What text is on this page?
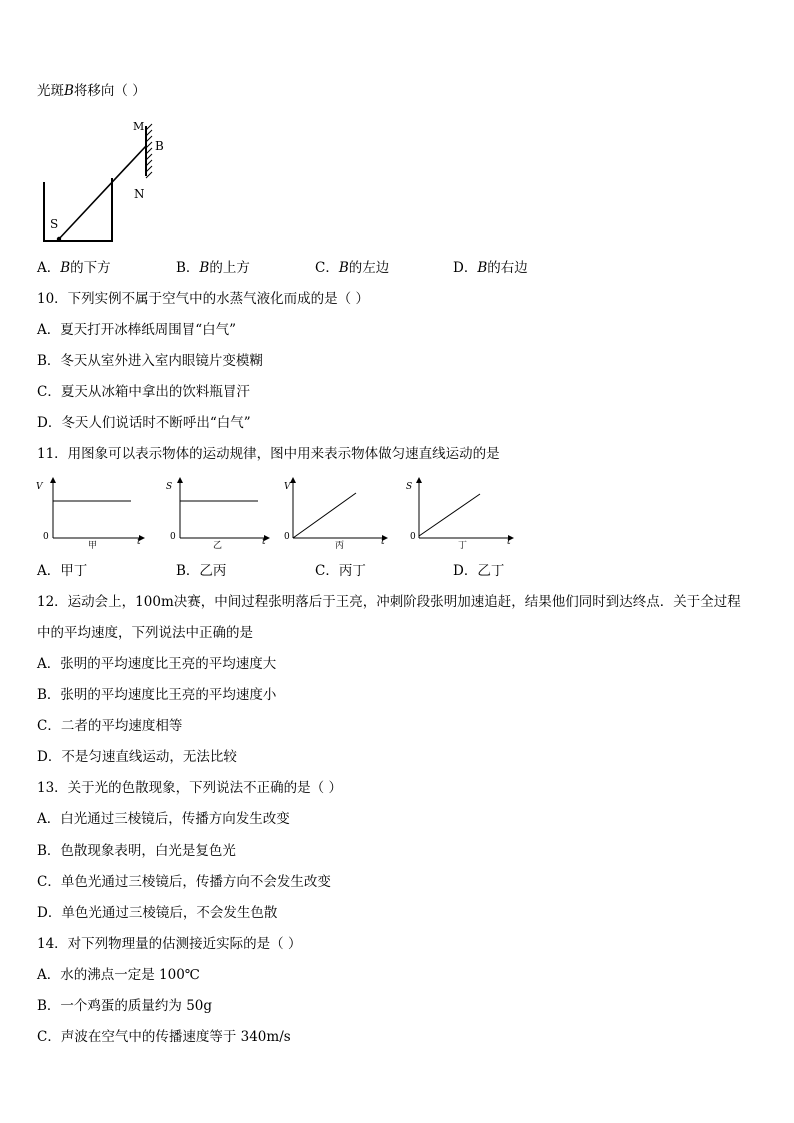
光斑B将移向（ ）
M
B
N
S
A．B的下方	B．B的上方	C．B的左边	D．B的右边
10．下列实例不属于空气中的水蒸气液化而成的是（ ）
A．夏天打开冰棒纸周围冒“白气”
B．冬天从室外进入室内眼镜片变模糊
C．夏天从冰箱中拿出的饮料瓶冒汗
D．冬天人们说话时不断呼出“白气”
11．用图象可以表示物体的运动规律，图中用来表示物体做匀速直线运动的是
V
0	t
甲
S
0	t
乙
V
0	t
丙
S
0	t
丁
A．甲丁	B．乙丙	C．丙丁	D．乙丁
12．运动会上，100m决赛，中间过程张明落后于王亮，冲刺阶段张明加速追赶，结果他们同时到达终点．关于全过程
中的平均速度，下列说法中正确的是
A．张明的平均速度比王亮的平均速度大
B．张明的平均速度比王亮的平均速度小
C．二者的平均速度相等
D．不是匀速直线运动，无法比较
13．关于光的色散现象，下列说法不正确的是（ ）
A．白光通过三棱镜后，传播方向发生改变
B．色散现象表明，白光是复色光
C．单色光通过三棱镜后，传播方向不会发生改变
D．单色光通过三棱镜后，不会发生色散
14．对下列物理量的估测接近实际的是（ ）
A．水的沸点一定是 100℃
B．一个鸡蛋的质量约为 50g
C．声波在空气中的传播速度等于 340m/s
